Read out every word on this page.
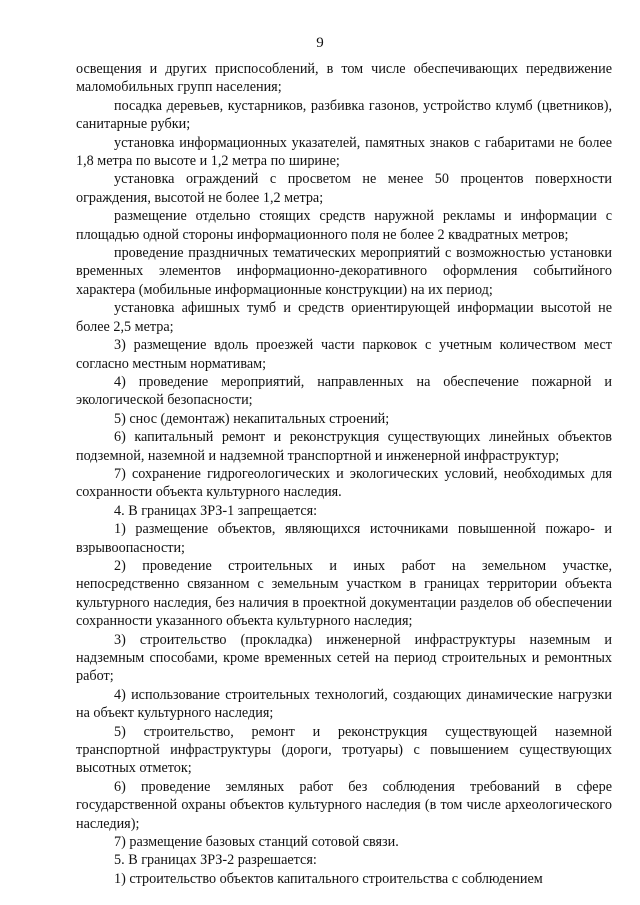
9

освещения и других приспособлений, в том числе обеспечивающих передвижение маломобильных групп населения;

посадка деревьев, кустарников, разбивка газонов, устройство клумб (цветников), санитарные рубки;

установка информационных указателей, памятных знаков с габаритами не более 1,8 метра по высоте и 1,2 метра по ширине;

установка ограждений с просветом не менее 50 процентов поверхности ограждения, высотой не более 1,2 метра;

размещение отдельно стоящих средств наружной рекламы и информации с площадью одной стороны информационного поля не более 2 квадратных метров;

проведение праздничных тематических мероприятий с возможностью установки временных элементов информационно-декоративного оформления событийного характера (мобильные информационные конструкции) на их период;

установка афишных тумб и средств ориентирующей информации высотой не более 2,5 метра;

3) размещение вдоль проезжей части парковок с учетным количеством мест согласно местным нормативам;

4) проведение мероприятий, направленных на обеспечение пожарной и экологической безопасности;

5) снос (демонтаж) некапитальных строений;

6) капитальный ремонт и реконструкция существующих линейных объектов подземной, наземной и надземной транспортной и инженерной инфраструктур;

7) сохранение гидрогеологических и экологических условий, необходимых для сохранности объекта культурного наследия.

4. В границах ЗРЗ-1 запрещается:

1) размещение объектов, являющихся источниками повышенной пожаро- и взрывоопасности;

2) проведение строительных и иных работ на земельном участке, непосредственно связанном с земельным участком в границах территории объекта культурного наследия, без наличия в проектной документации разделов об обеспечении сохранности указанного объекта культурного наследия;

3) строительство (прокладка) инженерной инфраструктуры наземным и надземным способами, кроме временных сетей на период строительных и ремонтных работ;

4) использование строительных технологий, создающих динамические нагрузки на объект культурного наследия;

5) строительство, ремонт и реконструкция существующей наземной транспортной инфраструктуры (дороги, тротуары) с повышением существующих высотных отметок;

6) проведение земляных работ без соблюдения требований в сфере государственной охраны объектов культурного наследия (в том числе археологического наследия);

7) размещение базовых станций сотовой связи.

5. В границах ЗРЗ-2 разрешается:

1) строительство объектов капитального строительства с соблюдением
